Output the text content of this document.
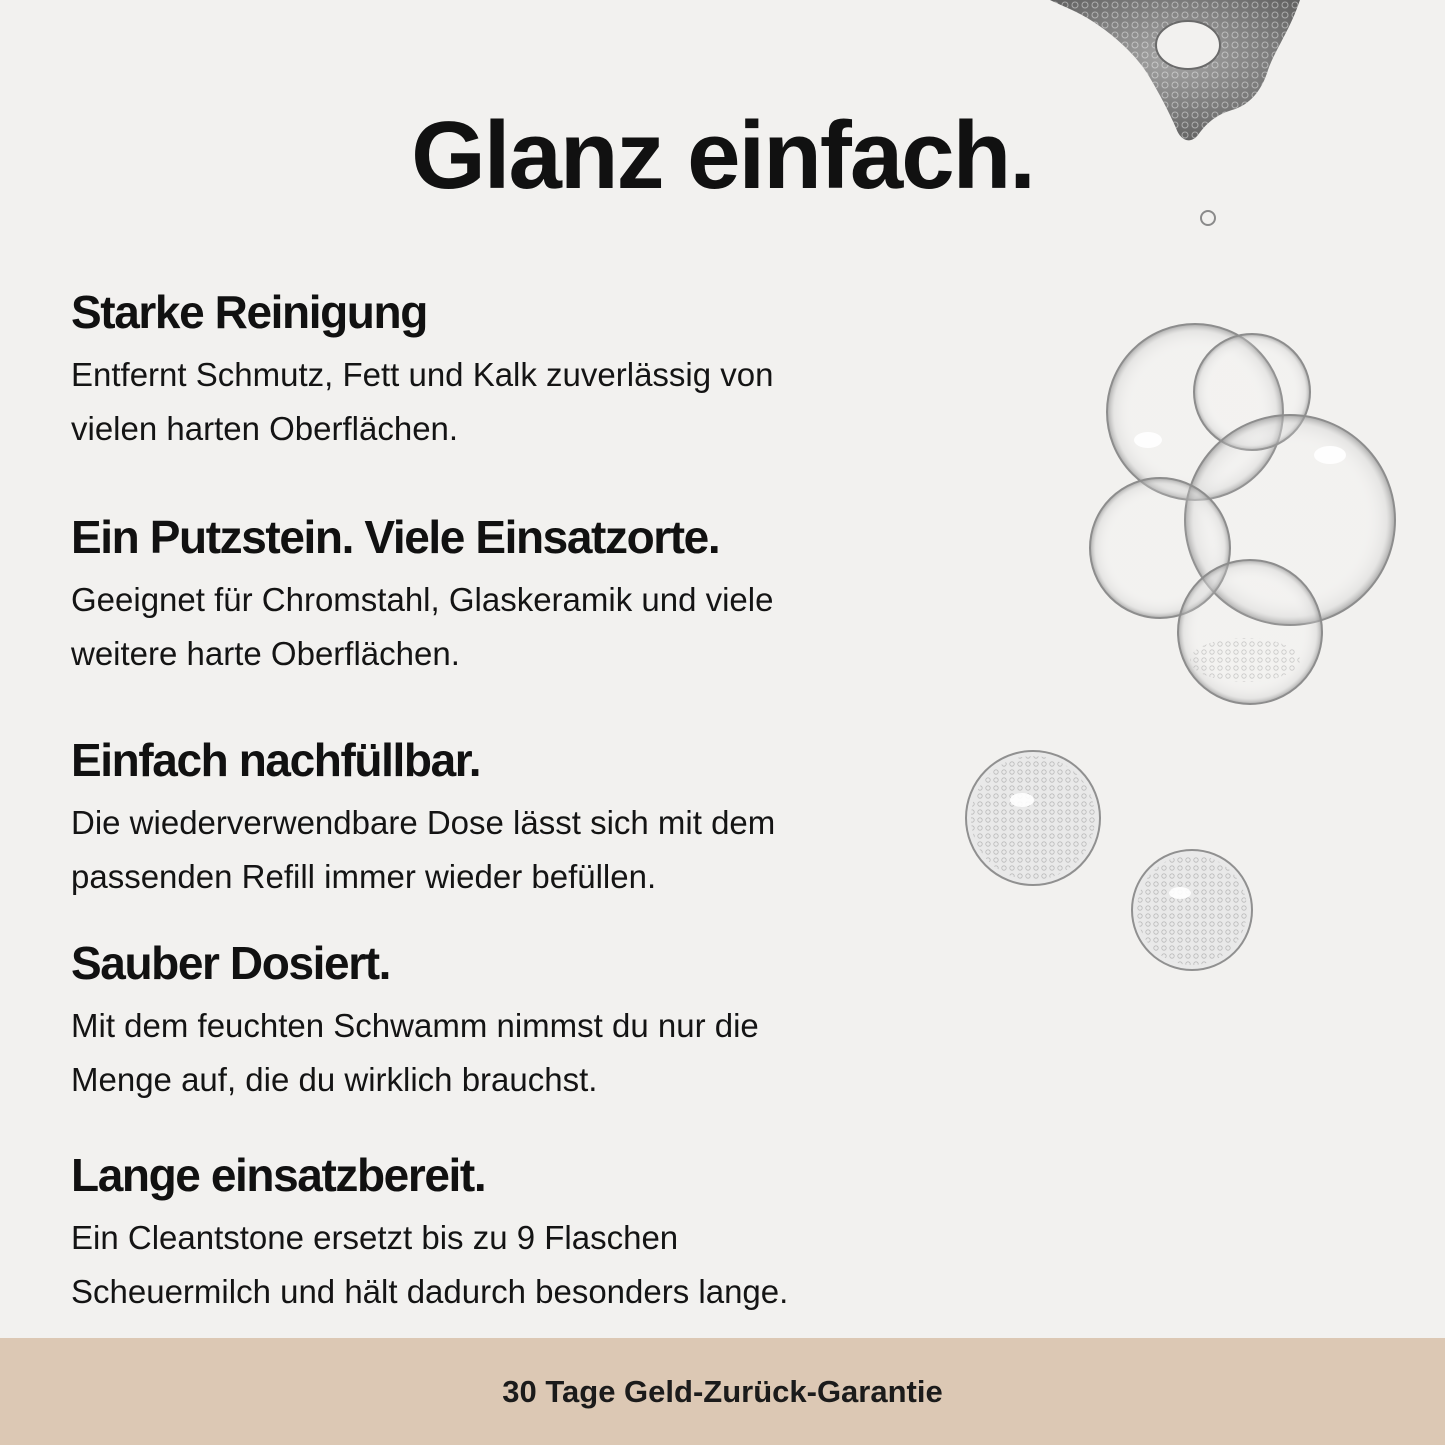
Glanz einfach.
Starke Reinigung

Entfernt Schmutz, Fett und Kalk zuverlässig von
vielen harten Oberflächen.

Ein Putzstein. Viele Einsatzorte.

Geeignet für Chromstahl, Glaskeramik und viele
weitere harte Oberflächen.

Einfach nachfüllbar.

Die wiederverwendbare Dose lässt sich mit dem
passenden Refill immer wieder befüllen.

Sauber Dosiert.

Mit dem feuchten Schwamm nimmst du nur die
Menge auf, die du wirklich brauchst.

Lange einsatzbereit.

Ein Cleantstone ersetzt bis zu 9 Flaschen
Scheuermilch und hält dadurch besonders lange.

30 Tage Geld-Zurück-Garantie
